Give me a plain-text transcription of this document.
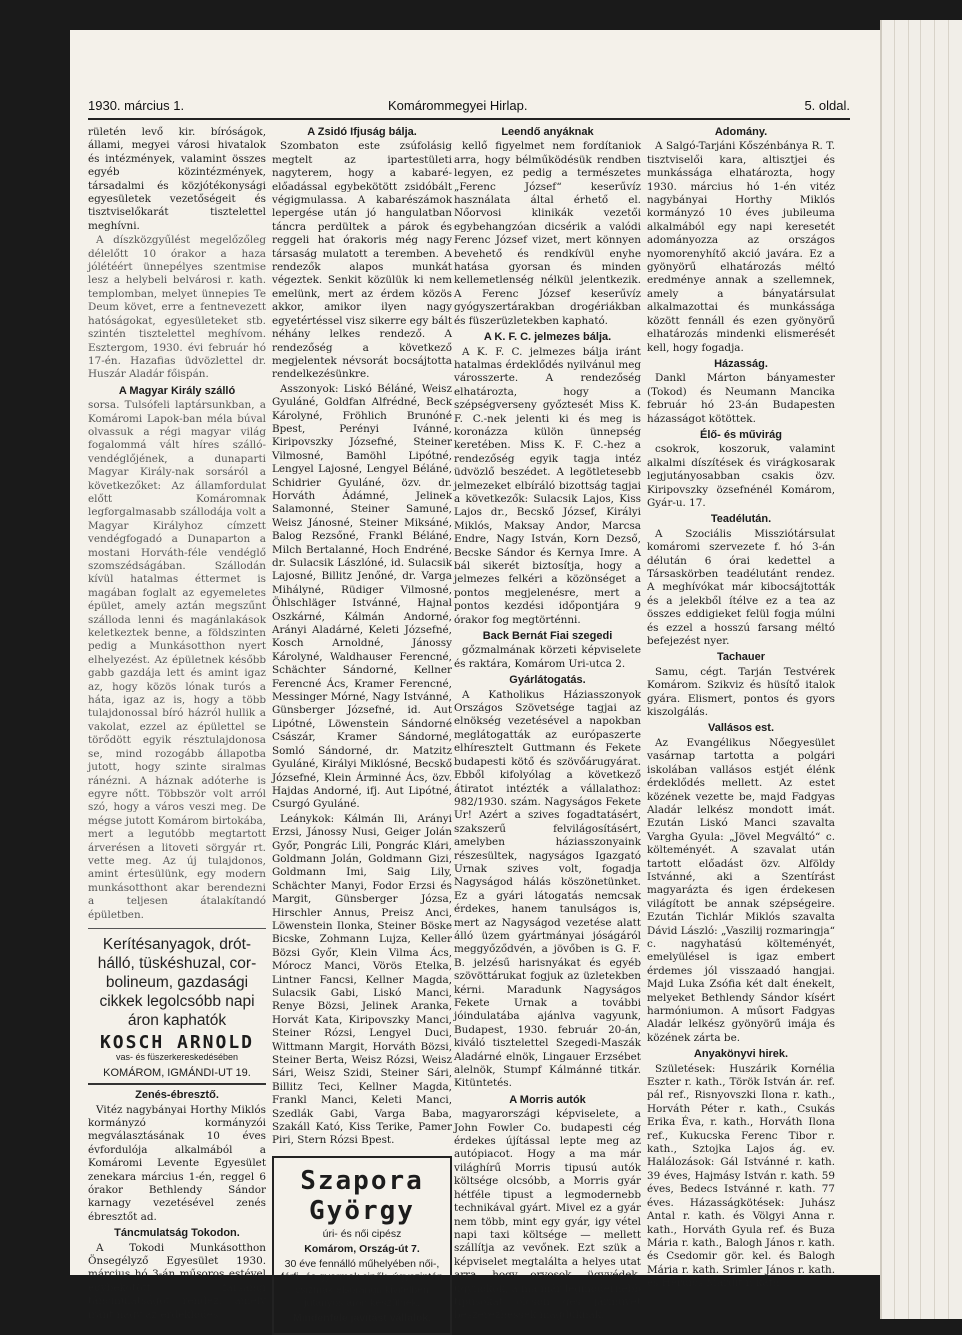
1930. március 1.	Komárommegyei Hirlap.	5. oldal.

rületén levő kir. bíróságok, állami, megyei városi hivatalok és intézmények, valamint összes egyéb közintézmények, társadalmi és közjótékonysági egyesületek vezetőségeit és tisztviselőkarát tisztelettel meghívni.

A díszközgyűlést megelőzőleg délelőtt 10 órakor a haza jólétéért ünnepélyes szentmise lesz a helybeli belvárosi r. kath. templomban, melyet ünnepies Te Deum követ, erre a fentnevezett hatóságokat, egyesületeket stb. szintén tisztelettel meghívom. Esztergom, 1930. évi február hó 17-én. Hazafias üdvözlettel dr. Huszár Aladár főispán.

A Magyar Király szálló

sorsa. Tulsófeli laptársunkban, a Komáromi Lapok-ban méla búval olvassuk a régi magyar világ fogalommá vált híres szálló-vendéglőjének, a dunaparti Magyar Király-nak sorsáról a következőket: Az államfordulat előtt Komáromnak legforgalmasabb szállodája volt a Magyar Királyhoz címzett vendégfogadó a Dunaparton a mostani Horváth-féle vendéglő szomszédságában. Szállodán kívül hatalmas éttermet is magában foglalt az egyemeletes épület, amely aztán megszűnt szálloda lenni és magánlakások keletkeztek benne, a földszinten pedig a Munkásotthon nyert elhelyezést. Az épületnek később gabb gazdája lett és amint igaz az, hogy közös lónak turós a háta, igaz az is, hogy a több tulajdonossal bíró házról hullik a vakolat, ezzel az épülettel se törődött egyik résztulajdonosa se, mind rozogább állapotba jutott, hogy szinte siralmas ránézni. A háznak adóterhe is egyre nőtt. Többször volt arról szó, hogy a város veszi meg. De mégse jutott Komárom birtokába, mert a legutóbb megtartott árverésen a litoveti sörgyár rt. vette meg. Az új tulajdonos, amint értesülünk, egy modern munkásotthont akar berendezni a teljesen átalakítandó épületben.

Kerítésanyagok, drót-
hálló, tüskéshuzal, cor-
bolineum, gazdasági
cikkek legolcsóbb napi
áron kaphatók
KOSCH ARNOLD
vas- és füszerkereskedésében
KOMÁROM, IGMÁNDI-UT 19.
Zenés-ébresztő.

Vitéz nagybányai Horthy Miklós kormányzó kormányzói megválasztásának 10 éves évfordulója alkalmából a Komáromi Levente Egyesület zenekara március 1-én, reggel 6 órakor Bethlendy Sándor karnagy vezetésével zenés ébresztőt ad.

Táncmulatság Tokodon.

A Tokodi Munkásotthon Önsegélyző Egyesület 1930. március hó 3-án műsoros estével egybekötött farsangi táncmulatságot rendez, amely iránt nagy az érdeklődés.

A Zsidó Ifjuság bálja.

Szombaton este zsúfolásig megtelt az ipartestületi nagyterem, hogy a kabaré-előadással egybekötött zsidóbált végigmulassa. A kabarészámok lepergése után jó hangulatban táncra perdültek a párok és reggeli hat órakoris még nagy társaság mulatott a teremben. A rendezők alapos munkát végeztek. Senkit közülük ki nem emelünk, mert az érdem közös akkor, amikor ilyen nagy egyetértéssel visz sikerre egy bált néhány lelkes rendező. A rendezőség a következő megjelentek névsorát bocsájtotta rendelkezésünkre.

Asszonyok: Liskó Béláné, Weisz Gyuláné, Goldfan Alfrédné, Beck Károlyné, Fröhlich Brunóné Bpest, Perényi Ivánné, Kiripovszky Józsefné, Steiner Vilmosné, Bamöhl Lipótné, Lengyel Lajosné, Lengyel Béláné, Schidrier Gyuláné, özv. dr. Horváth Ádámné, Jelinek Salamonné, Steiner Samuné, Weisz Jánosné, Steiner Miksáné, Balog Rezsőné, Frankl Béláné, Milch Bertalanné, Hoch Endréné, dr. Sulacsik Lászlóné, id. Sulacsik Lajosné, Billitz Jenőné, dr. Varga Mihályné, Rüdiger Vilmosné, Öhlschläger Istvánné, Hajnal Oszkárné, Kálmán Andorné, Arányi Aladárné, Keleti Józsefné, Kosch Arnoldné, Jánossy Károlyné, Waldhauser Ferencné, Schächter Sándorné, Kellner Ferencné Ács, Kramer Ferencné, Messinger Mórné, Nagy Istvánné, Günsberger Józsefné, id. Aut Lipótné, Löwenstein Sándorné Császár, Kramer Sándorné, Somló Sándorné, dr. Matzitz Gyuláné, Királyi Miklósné, Becskő Józsefné, Klein Árminné Ács, özv. Hajdas Andorné, ifj. Aut Lipótné, Csurgó Gyuláné.

Leánykok: Kálmán Ili, Arányi Erzsi, Jánossy Nusi, Geiger Jolán Győr, Pongrác Lili, Pongrác Klári, Goldmann Jolán, Goldmann Gizi, Goldmann Imi, Saig Lily, Schächter Manyi, Fodor Erzsi és Margit, Günsberger Józsa, Hirschler Annus, Preisz Anci, Löwenstein Ilonka, Steiner Böske Bicske, Zohmann Lujza, Keller Bözsi Győr, Klein Vilma Ács, Mórocz Manci, Vörös Etelka, Lintner Fancsi, Kellner Magda, Sulacsik Gabi, Liskó Manci, Renye Bözsi, Jelinek Aranka, Horvát Kata, Kiripovszky Manci, Steiner Rózsi, Lengyel Duci, Wittmann Margit, Horváth Bözsi, Steiner Berta, Weisz Rózsi, Weisz Sári, Weisz Szidi, Steiner Sári, Billitz Teci, Kellner Magda, Frankl Manci, Keleti Manci, Szedlák Gabi, Varga Baba, Szakáll Kató, Kiss Terike, Pamer Piri, Stern Rózsi Bpest.

Szapora
György
úri- és női cipész
Komárom, Ország-út 7.
30 éve fennálló műhelyében női-, férfi- és gyermek cipők, úgyszintén csizmák elsőrangu kivitelben jutányos áron készülnek.
Mindenféle javítást vállalok.
Leendő anyáknak

kellő figyelmet nem fordítaniok arra, hogy bélműködésük rendben legyen, ez pedig a természetes „Ferenc József“ keserűvíz használata által érhető el. Nőorvosi klinikák vezetői egybehangzóan dicsérik a valódi Ferenc József vizet, mert könnyen bevehető és rendkívül enyhe hatása gyorsan és minden kellemetlenség nélkül jelentkezik. A Ferenc József keserűvíz gyógyszertárakban drogériákban és füszerüzletekben kapható.

A K. F. C. jelmezes bálja.

A K. F. C. jelmezes bálja iránt hatalmas érdeklődés nyilvánul meg városszerte. A rendezőség elhatározta, hogy a szépségverseny győztesét Miss K. F. C.-nek jelenti ki és meg is koronázza külön ünnepség keretében. Miss K. F. C.-hez a rendezőség egyik tagja intéz üdvözlő beszédet. A legötletesebb jelmezeket elbíráló bizottság tagjai a következők: Sulacsik Lajos, Kiss Lajos dr., Becskő József, Királyi Miklós, Maksay Andor, Marcsa Endre, Nagy István, Korn Dezső, Becske Sándor és Kernya Imre. A bál sikerét biztosítja, hogy a jelmezes felkéri a közönséget a pontos megjelenésre, mert a pontos kezdési időpontjára 9 órakor fog megtörténni.

Back Bernát Fiai szegedi

gőzmalmának körzeti képviselete és raktára, Komárom Uri-utca 2.

Gyárlátogatás.

A Katholikus Háziasszonyok Országos Szövetsége tagjai az elnökség vezetésével a napokban meglátogatták az európaszerte elhíresztelt Guttmann és Fekete budapesti kötő és szövőárugyárat. Ebből kifolyólag a következő átiratot intézték a vállalathoz: 982/1930. szám. Nagyságos Fekete Ur! Azért a szives fogadtatásért, szakszerű felvilágosításért, amelyben háziasszonyaink részesültek, nagyságos Igazgató Urnak szives volt, fogadja Nagyságod hálás köszönetünket. Ez a gyári látogatás nemcsak érdekes, hanem tanulságos is, mert az Nagyságod vezetése alatt álló üzem gyártmányai jóságáról meggyőződvén, a jövőben is G. F. B. jelzésű harisnyákat és egyéb szövöttárukat fogjuk az üzletekben kérni. Maradunk Nagyságos Fekete Urnak a további jóindulatába ajánlva vagyunk, Budapest, 1930. február 20-án, kiváló tisztelettel Szegedi-Maszák Aladárné elnök, Lingauer Erzsébet alelnök, Stumpf Kálmánné titkár. Kitüntetés.

A Morris autók

magyarországi képviselete, a John Fowler Co. budapesti cég érdekes újítással lepte meg az autópiacot. Hogy a ma már világhírű Morris tipusú autók költsége olcsóbb, a Morris gyár hétféle tipust a legmodernebb technikával gyárt. Mivel ez a gyár nem több, mint egy gyár, igy vétel napi taxi költsége — mellett szállítja az vevőnek. Ezt szük a képviselet megtalálta a helyes utat arra, hogy orvosok, ügyvédek, ügynökök, a ma már legmodernebb típusokat olcsón gés járművet beszerezhessék magduknak.

Adomány.

A Salgó-Tarjáni Kőszénbánya R. T. tisztviselői kara, altisztjei és munkássága elhatározta, hogy 1930. március hó 1-én vitéz nagybányai Horthy Miklós kormányzó 10 éves jubileuma alkalmából egy napi keresetét adományozza az országos nyomorenyhítő akció javára. Ez a gyönyörű elhatározás méltó eredménye annak a szellemnek, amely a bányatársulat alkalmazottai és munkássága között fennáll és ezen gyönyörű elhatározás mindenki elismerését kell, hogy fogadja.

Házasság.

Dankl Márton bányamester (Tokod) és Neumann Mancika február hó 23-án Budapesten házasságot kötöttek.

Élő- és művirág

csokrok, koszoruk, valamint alkalmi díszítések és virágkosarak legjutányosabban csakis özv. Kiripovszky özsefnénél Komárom, Gyár-u. 17.

Teadélután.

A Szociális Missziótársulat komáromi szervezete f. hó 3-án délután 6 órai kedettel a Társaskörben teadélutánt rendez. A meghívókat már kibocsájtották és a jelekből ítélve ez a tea az összes eddigieket felül fogja múlni és ezzel a hosszú farsang méltó befejezést nyer.

Tachauer

Samu, cégt. Tarján Testvérek Komárom. Szikviz és hüsítő italok gyára. Elismert, pontos és gyors kiszolgálás.

Vallásos est.

Az Evangélikus Nőegyesület vasárnap tartotta a polgári iskolában vallásos estjét élénk érdeklődés mellett. Az estet közének vezette be, majd Fadgyas Aladár lelkész mondott imát. Ezután Liskó Manci szavalta Vargha Gyula: „Jövel Megváltó“ c. költeményét. A szavalat után tartott előadást özv. Alföldy Istvánné, aki a Szentírást magyarázta és igen érdekesen világított be annak szépségeire. Ezután Tichlár Miklós szavalta Dávid László: „Vaszilij rozmaringja“ c. nagyhatású költeményét, emelyülésel is igaz embert érdemes jól visszaadó hangjai. Majd Luka Zsófia két dalt énekelt, melyeket Bethlendy Sándor kísért harmóniumon. A műsort Fadgyas Aladár lelkész gyönyörű imája és közének zárta be.

Anyakönyvi hirek.

Születések: Huszárik Kornélia Eszter r. kath., Török István ár. ref. pál ref., Risnyovszki Ilona r. kath., Horváth Péter r. kath., Csukás Erika Éva, r. kath., Horváth Ilona ref., Kukucska Ferenc Tibor r. kath., Sztojka Lajos ág. ev. Halálozások: Gál Istvánné r. kath. 39 éves, Hajmásy István r. kath. 59 éves, Bedecs Istvánné r. kath. 77 éves. Házasságkötések: Juhász Antal r. kath. és Völgyi Anna r. kath., Horváth Gyula ref. és Buza Mária r. kath., Balogh János r. kath. és Csedomir gör. kel. és Balogh Mária r. kath. Srimler János r. kath. és Herdics Margit r. kath.
